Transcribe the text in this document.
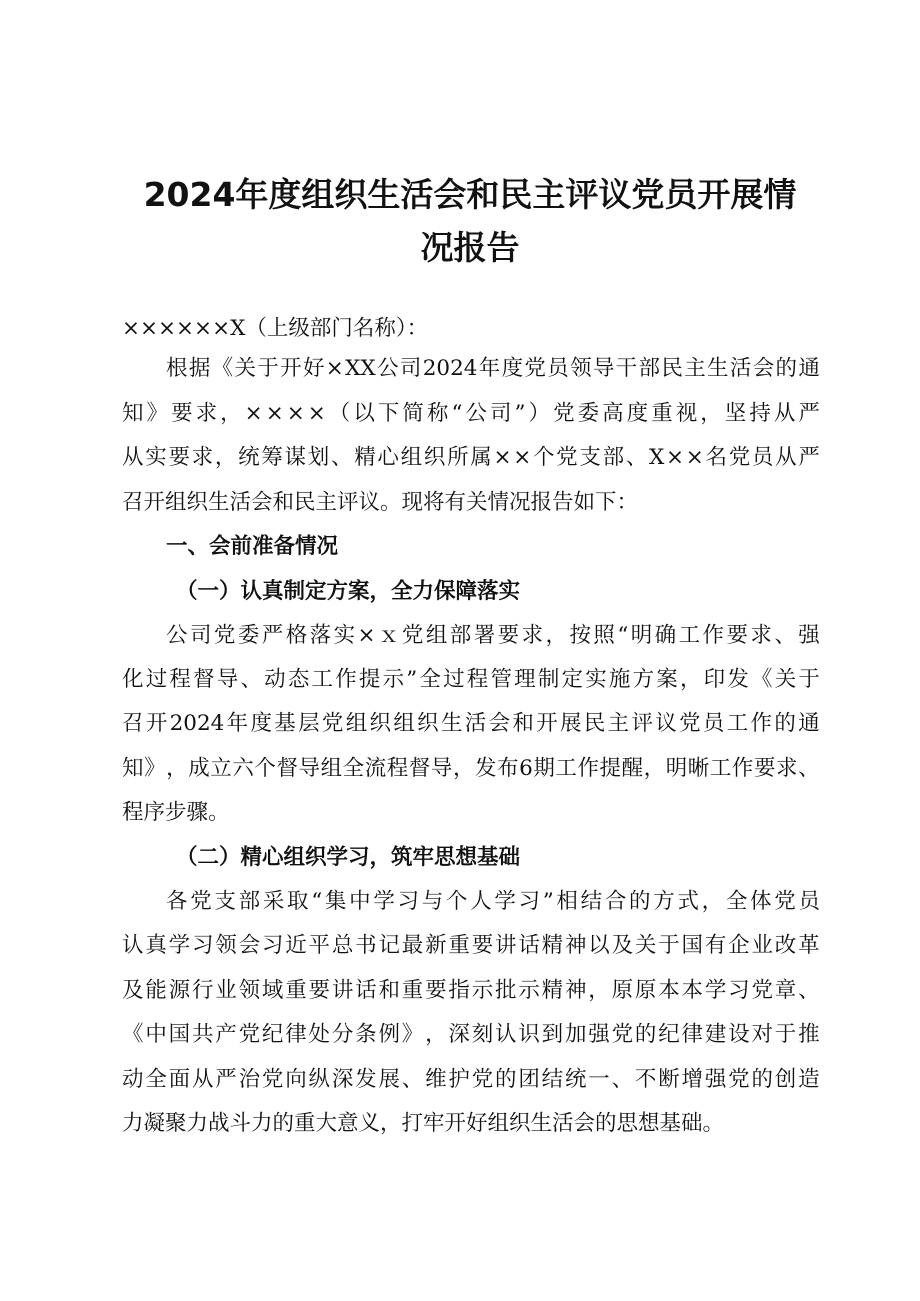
2024年度组织生活会和民主评议党员开展情
况报告
××××××X（上级部门名称）：
根 据 《 关 于 开 好 × XX 公 司 2024 年 度 党 员 领 导 干 部 民 主 生 活 会 的 通
知 》 要 求 ， × × × × （ 以 下 简 称 “ 公 司 ” ） 党 委 高 度 重 视 ， 坚 持 从 严
从 实 要 求 ， 统 筹 谋 划 、 精 心 组 织 所 属 × × 个 党 支 部 、 X × × 名 党 员 从 严
召开组织生活会和民主评议。现将有关情况报告如下：
一、会前准备情况
（一）认真制定方案，全力保障落实
公 司 党 委 严 格 落 实 × ｘ 党 组 部 署 要 求 ， 按 照 “ 明 确 工 作 要 求 、 强
化 过 程 督 导 、 动 态 工 作 提 示 ” 全 过 程 管 理 制 定 实 施 方 案 ， 印 发 《 关 于
召 开 2024 年 度 基 层 党 组 织 组 织 生 活 会 和 开 展 民 主 评 议 党 员 工 作 的 通
知 》 ， 成 立 六 个 督 导 组 全 流 程 督 导 ， 发 布 6 期 工 作 提 醒 ， 明 晰 工 作 要 求 、
程序步骤。
（二）精心组织学习，筑牢思想基础
各 党 支 部 采 取 “ 集 中 学 习 与 个 人 学 习 ” 相 结 合 的 方 式 ， 全 体 党 员
认 真 学 习 领 会 习 近 平 总 书 记 最 新 重 要 讲 话 精 神 以 及 关 于 国 有 企 业 改 革
及 能 源 行 业 领 域 重 要 讲 话 和 重 要 指 示 批 示 精 神 ， 原 原 本 本 学 习 党 章 、
《 中 国 共 产 党 纪 律 处 分 条 例 》 ， 深 刻 认 识 到 加 强 党 的 纪 律 建 设 对 于 推
动 全 面 从 严 治 党 向 纵 深 发 展 、 维 护 党 的 团 结 统 一 、 不 断 增 强 党 的 创 造
力凝聚力战斗力的重大意义，打牢开好组织生活会的思想基础。
